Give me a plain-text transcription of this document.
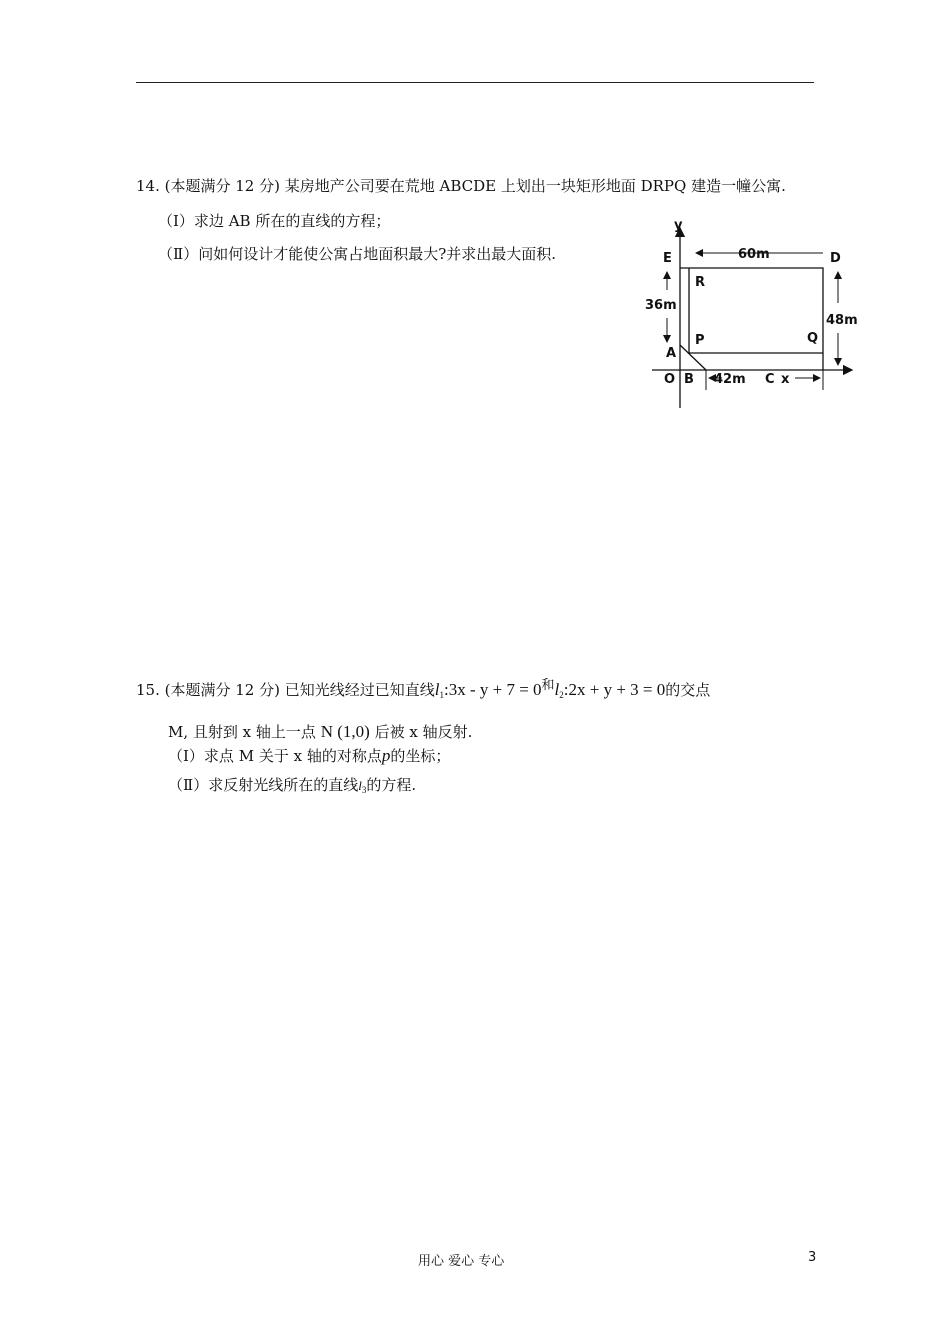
14. (本题满分 12 分) 某房地产公司要在荒地 ABCDE 上划出一块矩形地面 DRPQ 建造一幢公寓.
（Ⅰ）求边 AB 所在的直线的方程；
（Ⅱ）问如何设计才能使公寓占地面积最大?并求出最大面积.
y
E	60m	D
R
36m
48m
P	Q
A
O B 42m C x
15. (本题满分 12 分) 已知光线经过已知直线$l_1:3x - y + 7 = 0$和$l_2:2x + y + 3 = 0$的交点
M, 且射到 x 轴上一点 N (1,0) 后被 x 轴反射.
（Ⅰ）求点 M 关于 x 轴的对称点p的坐标；
（Ⅱ）求反射光线所在的直线$l_3$的方程.
用心 爱心 专心	3
